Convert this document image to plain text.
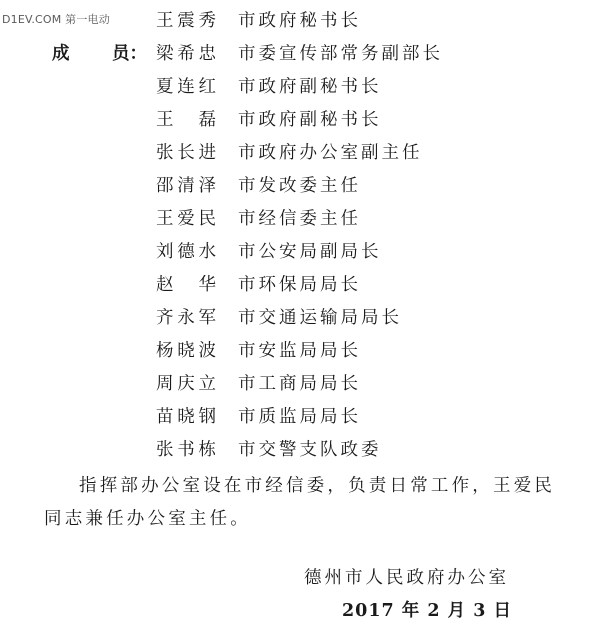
D1EV.COM 第一电动	王 震 秀 市政府秘书长
成 员： 梁 希 忠 市委宣传部常务副部长
夏 连 红 市政府副秘书长
王 磊 市政府副秘书长
张 长 进 市政府办公室副主任
邵 清 泽 市发改委主任
王 爱 民 市经信委主任
刘 德 水 市公安局副局长
赵 华 市环保局局长
齐 永 军 市交通运输局局长
杨 晓 波 市安监局局长
周 庆 立 市工商局局长
苗 晓 钢 市质监局局长
张 书 栋 市交警支队政委
指挥部办公室设在市经信委，负责日常工作，王爱民同志兼任办公室主任。
德州市人民政府办公室
2017 年 2 月 3 日
